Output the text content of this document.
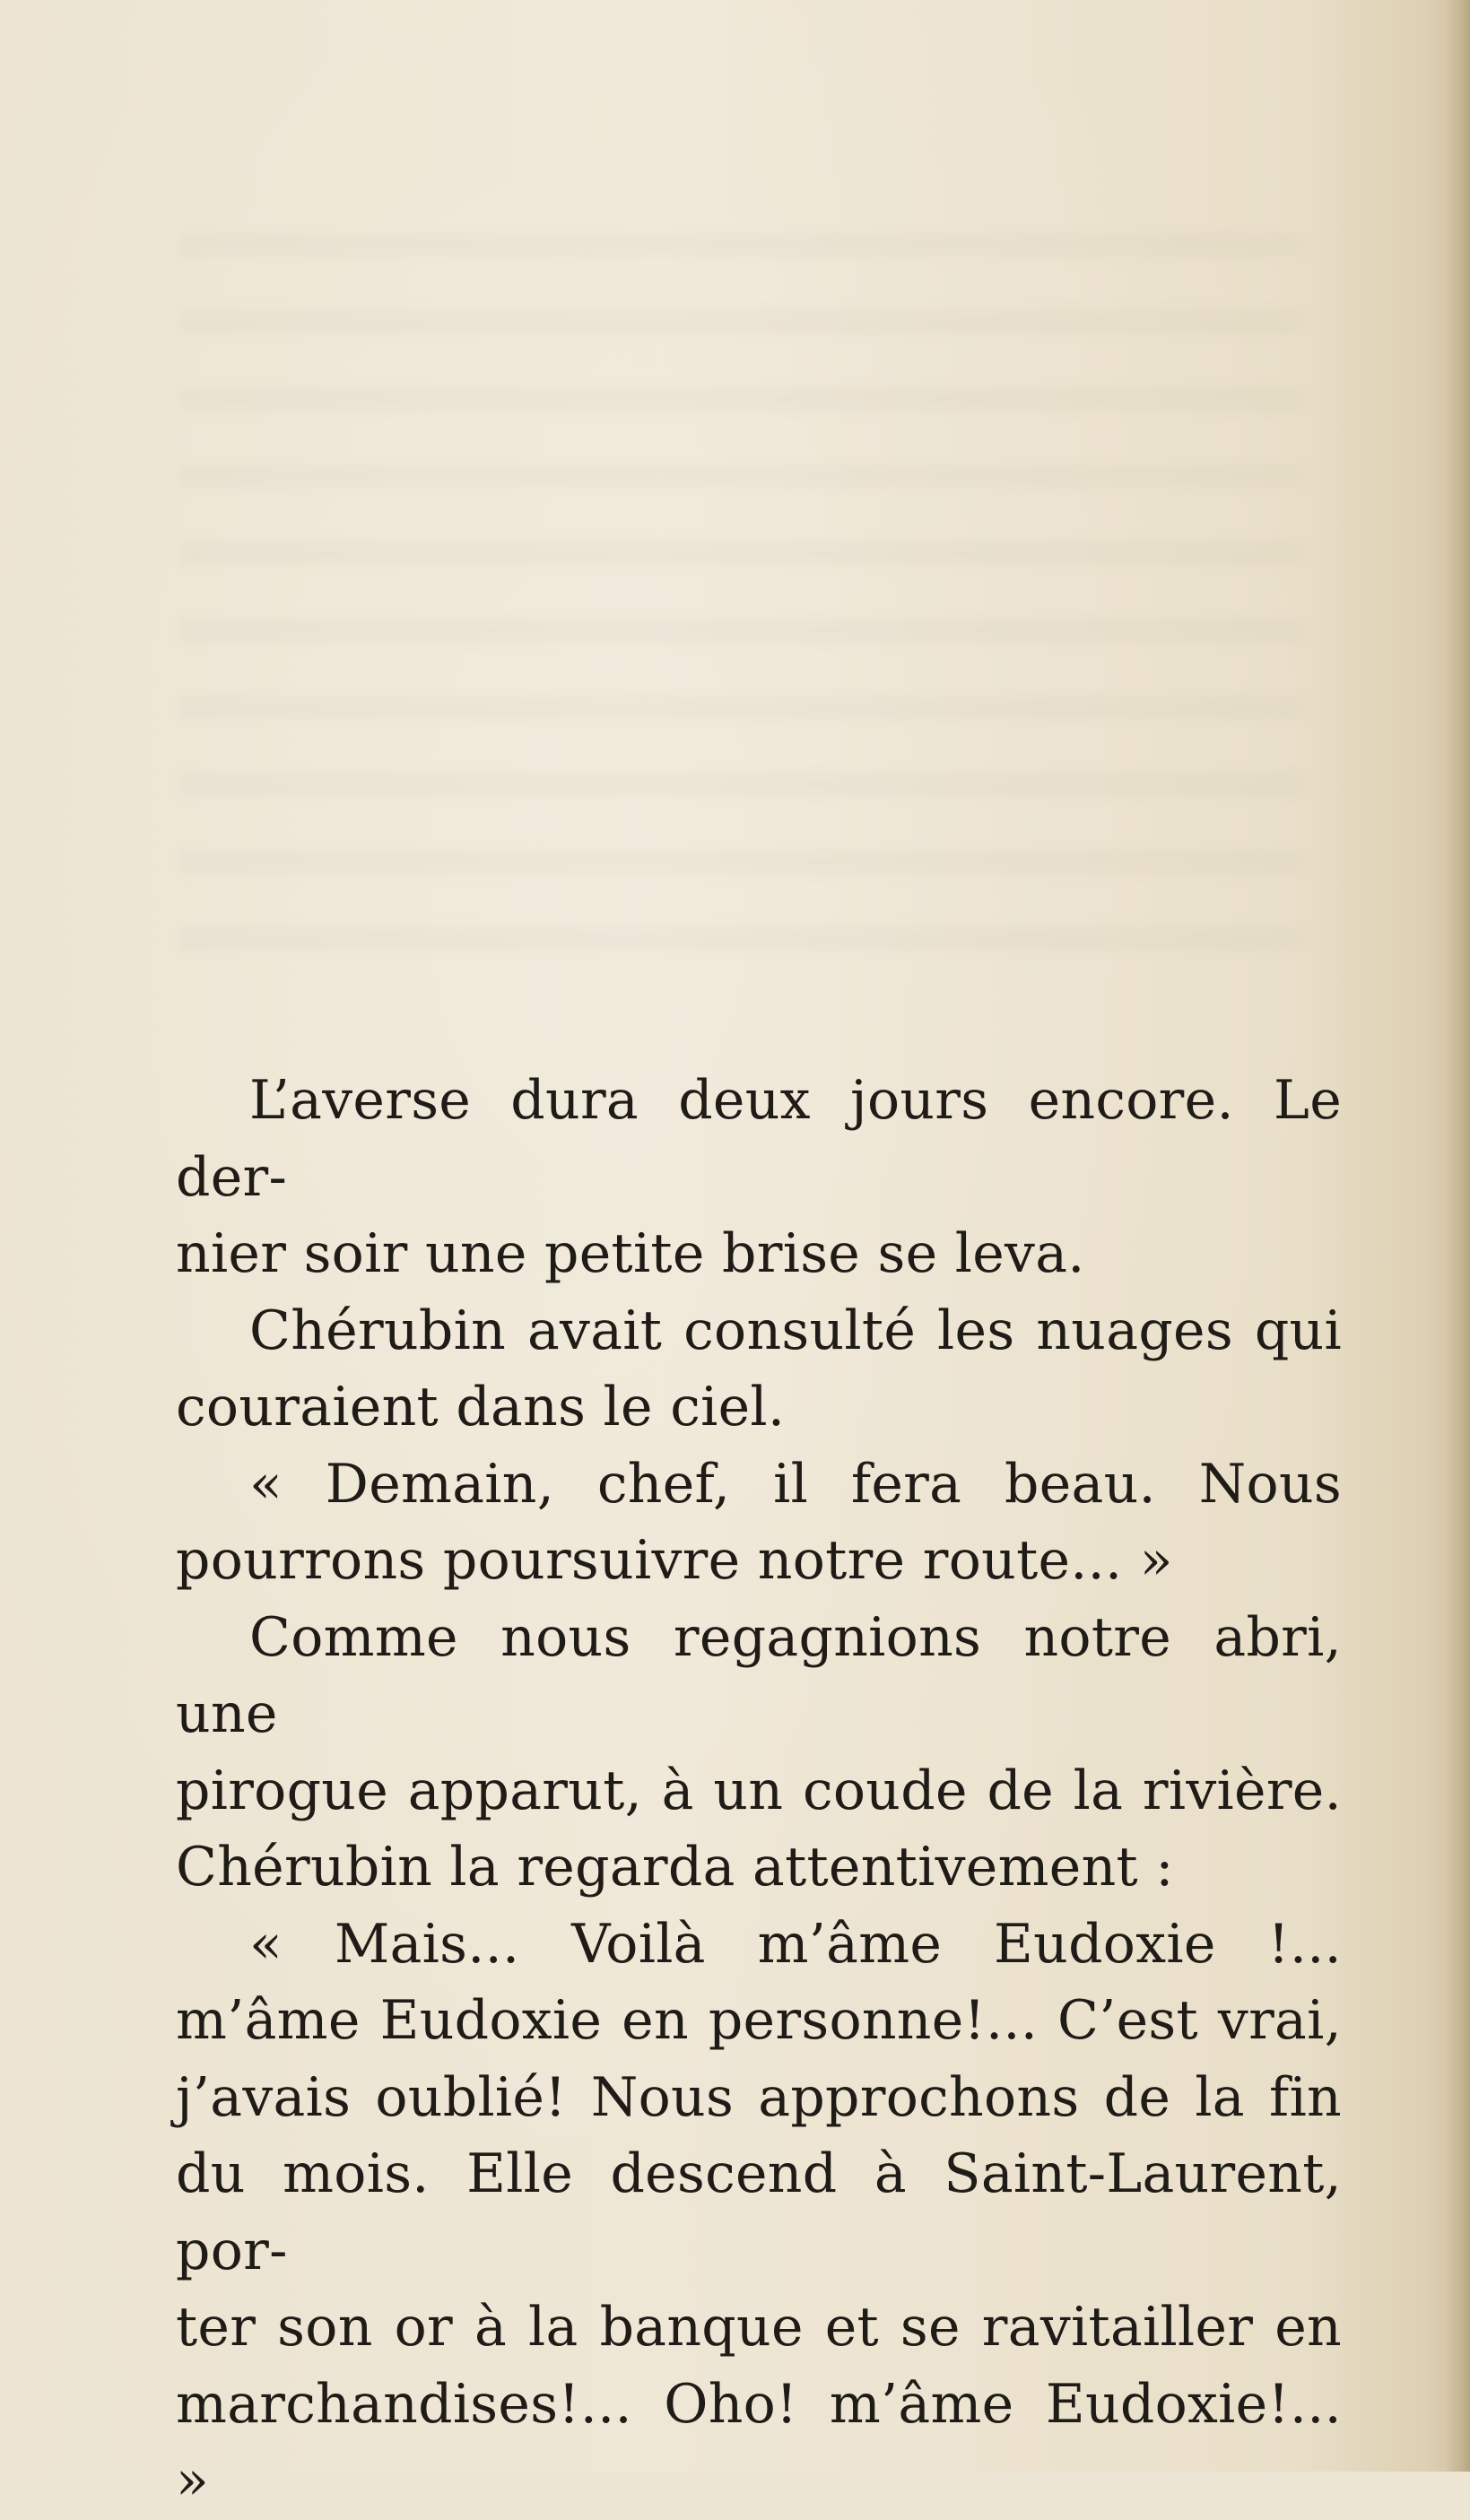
L’averse dura deux jours encore. Le der-
nier soir une petite brise se leva.
Chérubin avait consulté les nuages qui
couraient dans le ciel.
« Demain, chef, il fera beau. Nous
pourrons poursuivre notre route... »
Comme nous regagnions notre abri, une
pirogue apparut, à un coude de la rivière.
Chérubin la regarda attentivement :
« Mais... Voilà m’âme Eudoxie !...
m’âme Eudoxie en personne!... C’est vrai,
j’avais oublié! Nous approchons de la fin
du mois. Elle descend à Saint-Laurent, por-
ter son or à la banque et se ravitailler en
marchandises!... Oho! m’âme Eudoxie!... »
